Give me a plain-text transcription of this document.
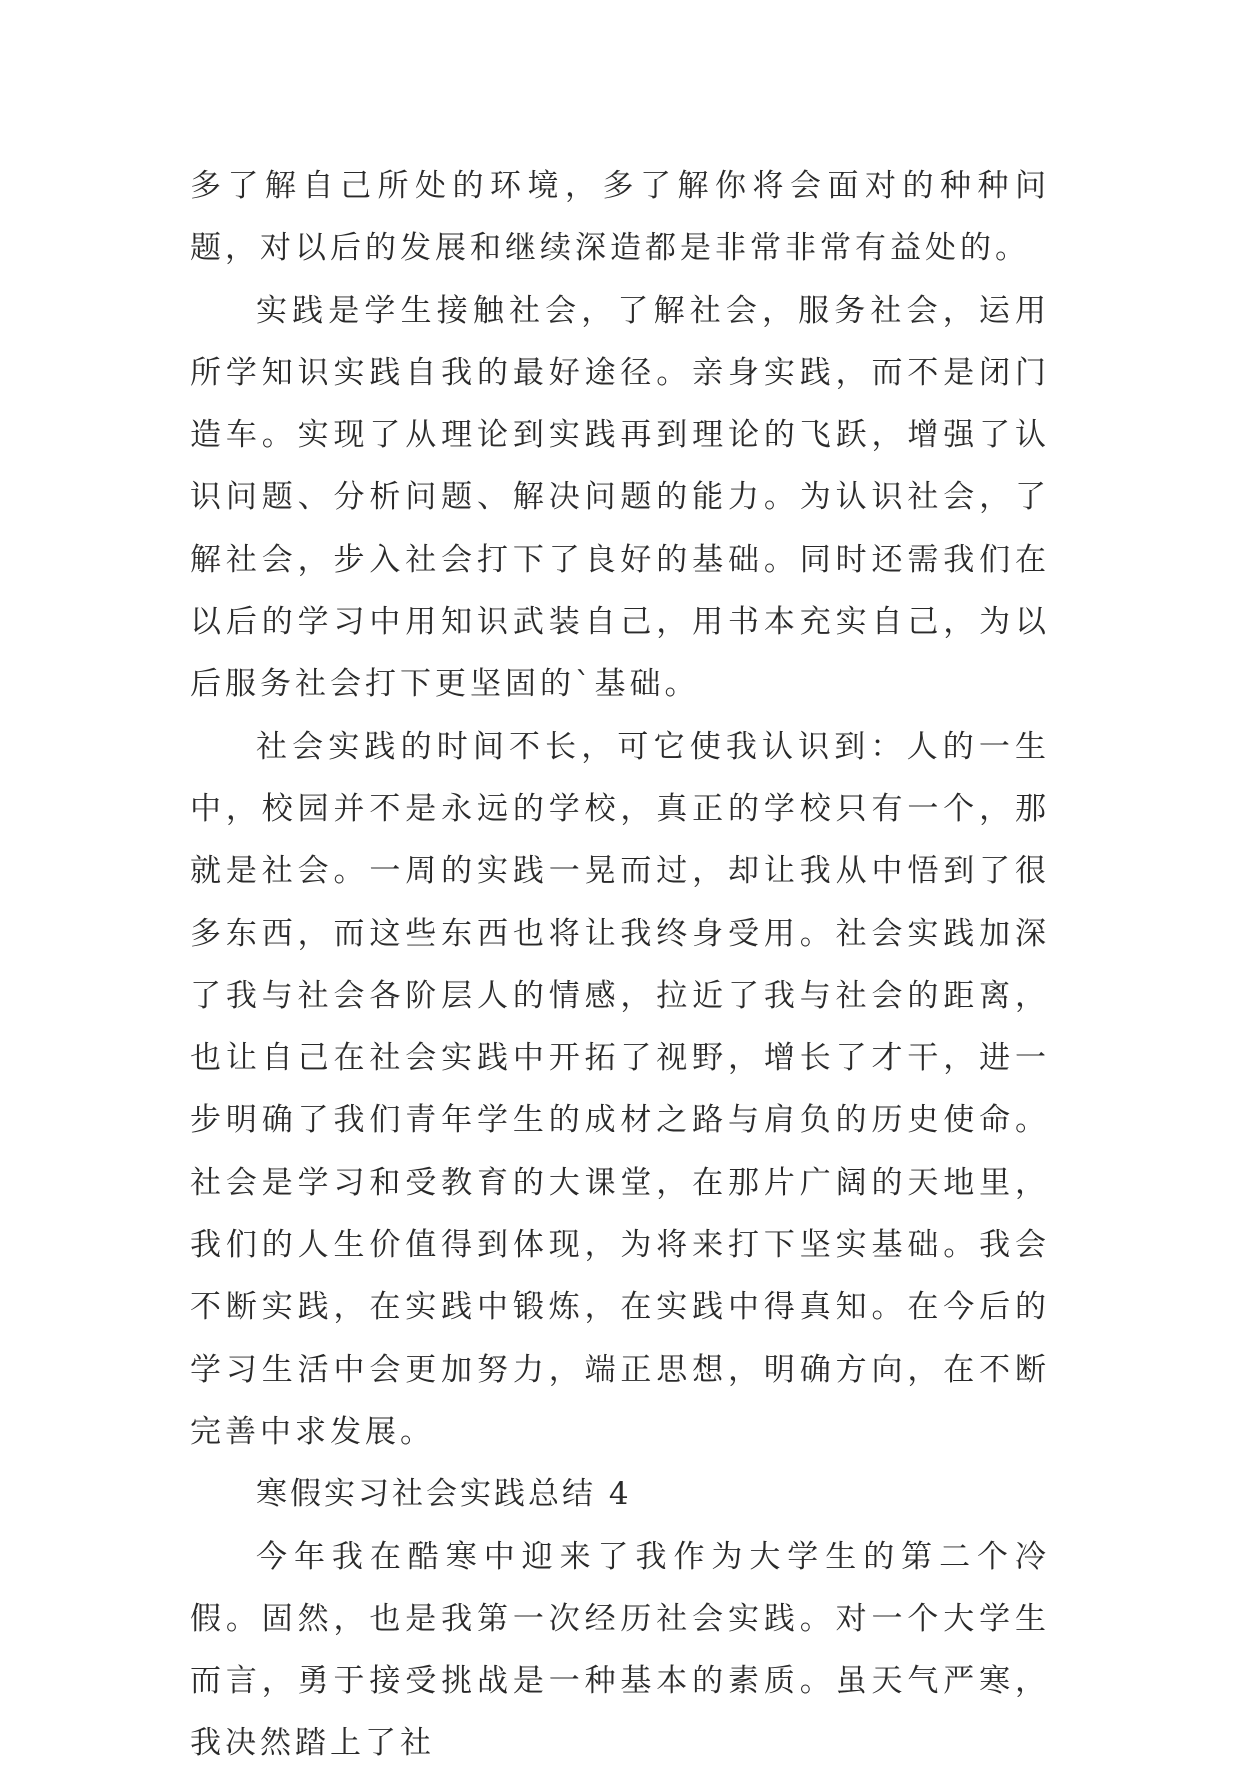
多了解自己所处的环境，多了解你将会面对的种种问题，对以后的发展和继续深造都是非常非常有益处的。

实践是学生接触社会，了解社会，服务社会，运用所学知识实践自我的最好途径。亲身实践，而不是闭门造车。实现了从理论到实践再到理论的飞跃，增强了认识问题、分析问题、解决问题的能力。为认识社会，了解社会，步入社会打下了良好的基础。同时还需我们在以后的学习中用知识武装自己，用书本充实自己，为以后服务社会打下更坚固的`基础。

社会实践的时间不长，可它使我认识到：人的一生中，校园并不是永远的学校，真正的学校只有一个，那就是社会。一周的实践一晃而过，却让我从中悟到了很多东西，而这些东西也将让我终身受用。社会实践加深了我与社会各阶层人的情感，拉近了我与社会的距离，也让自己在社会实践中开拓了视野，增长了才干，进一步明确了我们青年学生的成材之路与肩负的历史使命。社会是学习和受教育的大课堂，在那片广阔的天地里，我们的人生价值得到体现，为将来打下坚实基础。我会不断实践，在实践中锻炼，在实践中得真知。在今后的学习生活中会更加努力，端正思想，明确方向，在不断完善中求发展。

寒假实习社会实践总结 4

今年我在酷寒中迎来了我作为大学生的第二个冷假。固然，也是我第一次经历社会实践。对一个大学生而言，勇于接受挑战是一种基本的素质。虽天气严寒，我决然踏上了社
